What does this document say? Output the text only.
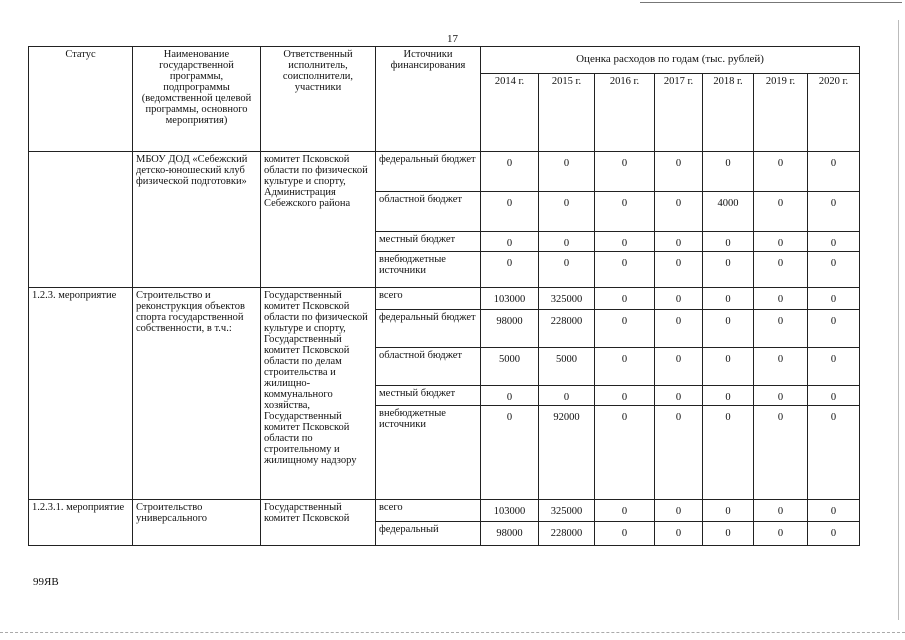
17
Статус	Наименование государственной программы, подпрограммы (ведомственной целевой программы, основного мероприятия)	Ответственный исполнитель, соисполнители, участники	Источники финансирования	Оценка расходов по годам (тыс. рублей)						
				2014 г.	2015 г.	2016 г.	2017 г.	2018 г.	2019 г.	2020 г.
	МБОУ ДОД «Себежский детско-юношеский клуб физической подготовки»	комитет Псковской области по физической культуре и спорту, Администрация Себежского района	федеральный бюджет	0	0	0	0	0	0	0
			областной бюджет	0	0	0	0	4000	0	0
			местный бюджет	0	0	0	0	0	0	0
			внебюджетные источники	0	0	0	0	0	0	0
1.2.3. мероприятие	Строительство и реконструкция объектов спорта государственной собственности, в т.ч.:	Государственный комитет Псковской области по физической культуре и спорту, Государственный комитет Псковской области по делам строительства и жилищно-коммунального хозяйства, Государственный комитет Псковской области по строительному и жилищному надзору	всего	103000	325000	0	0	0	0	0
			федеральный бюджет	98000	228000	0	0	0	0	0
			областной бюджет	5000	5000	0	0	0	0	0
			местный бюджет	0	0	0	0	0	0	0
			внебюджетные источники	0	92000	0	0	0	0	0
1.2.3.1. мероприятие	Строительство универсального	Государственный комитет Псковской	всего	103000	325000	0	0	0	0	0
			федеральный	98000	228000	0	0	0	0	0
99ЯВ
